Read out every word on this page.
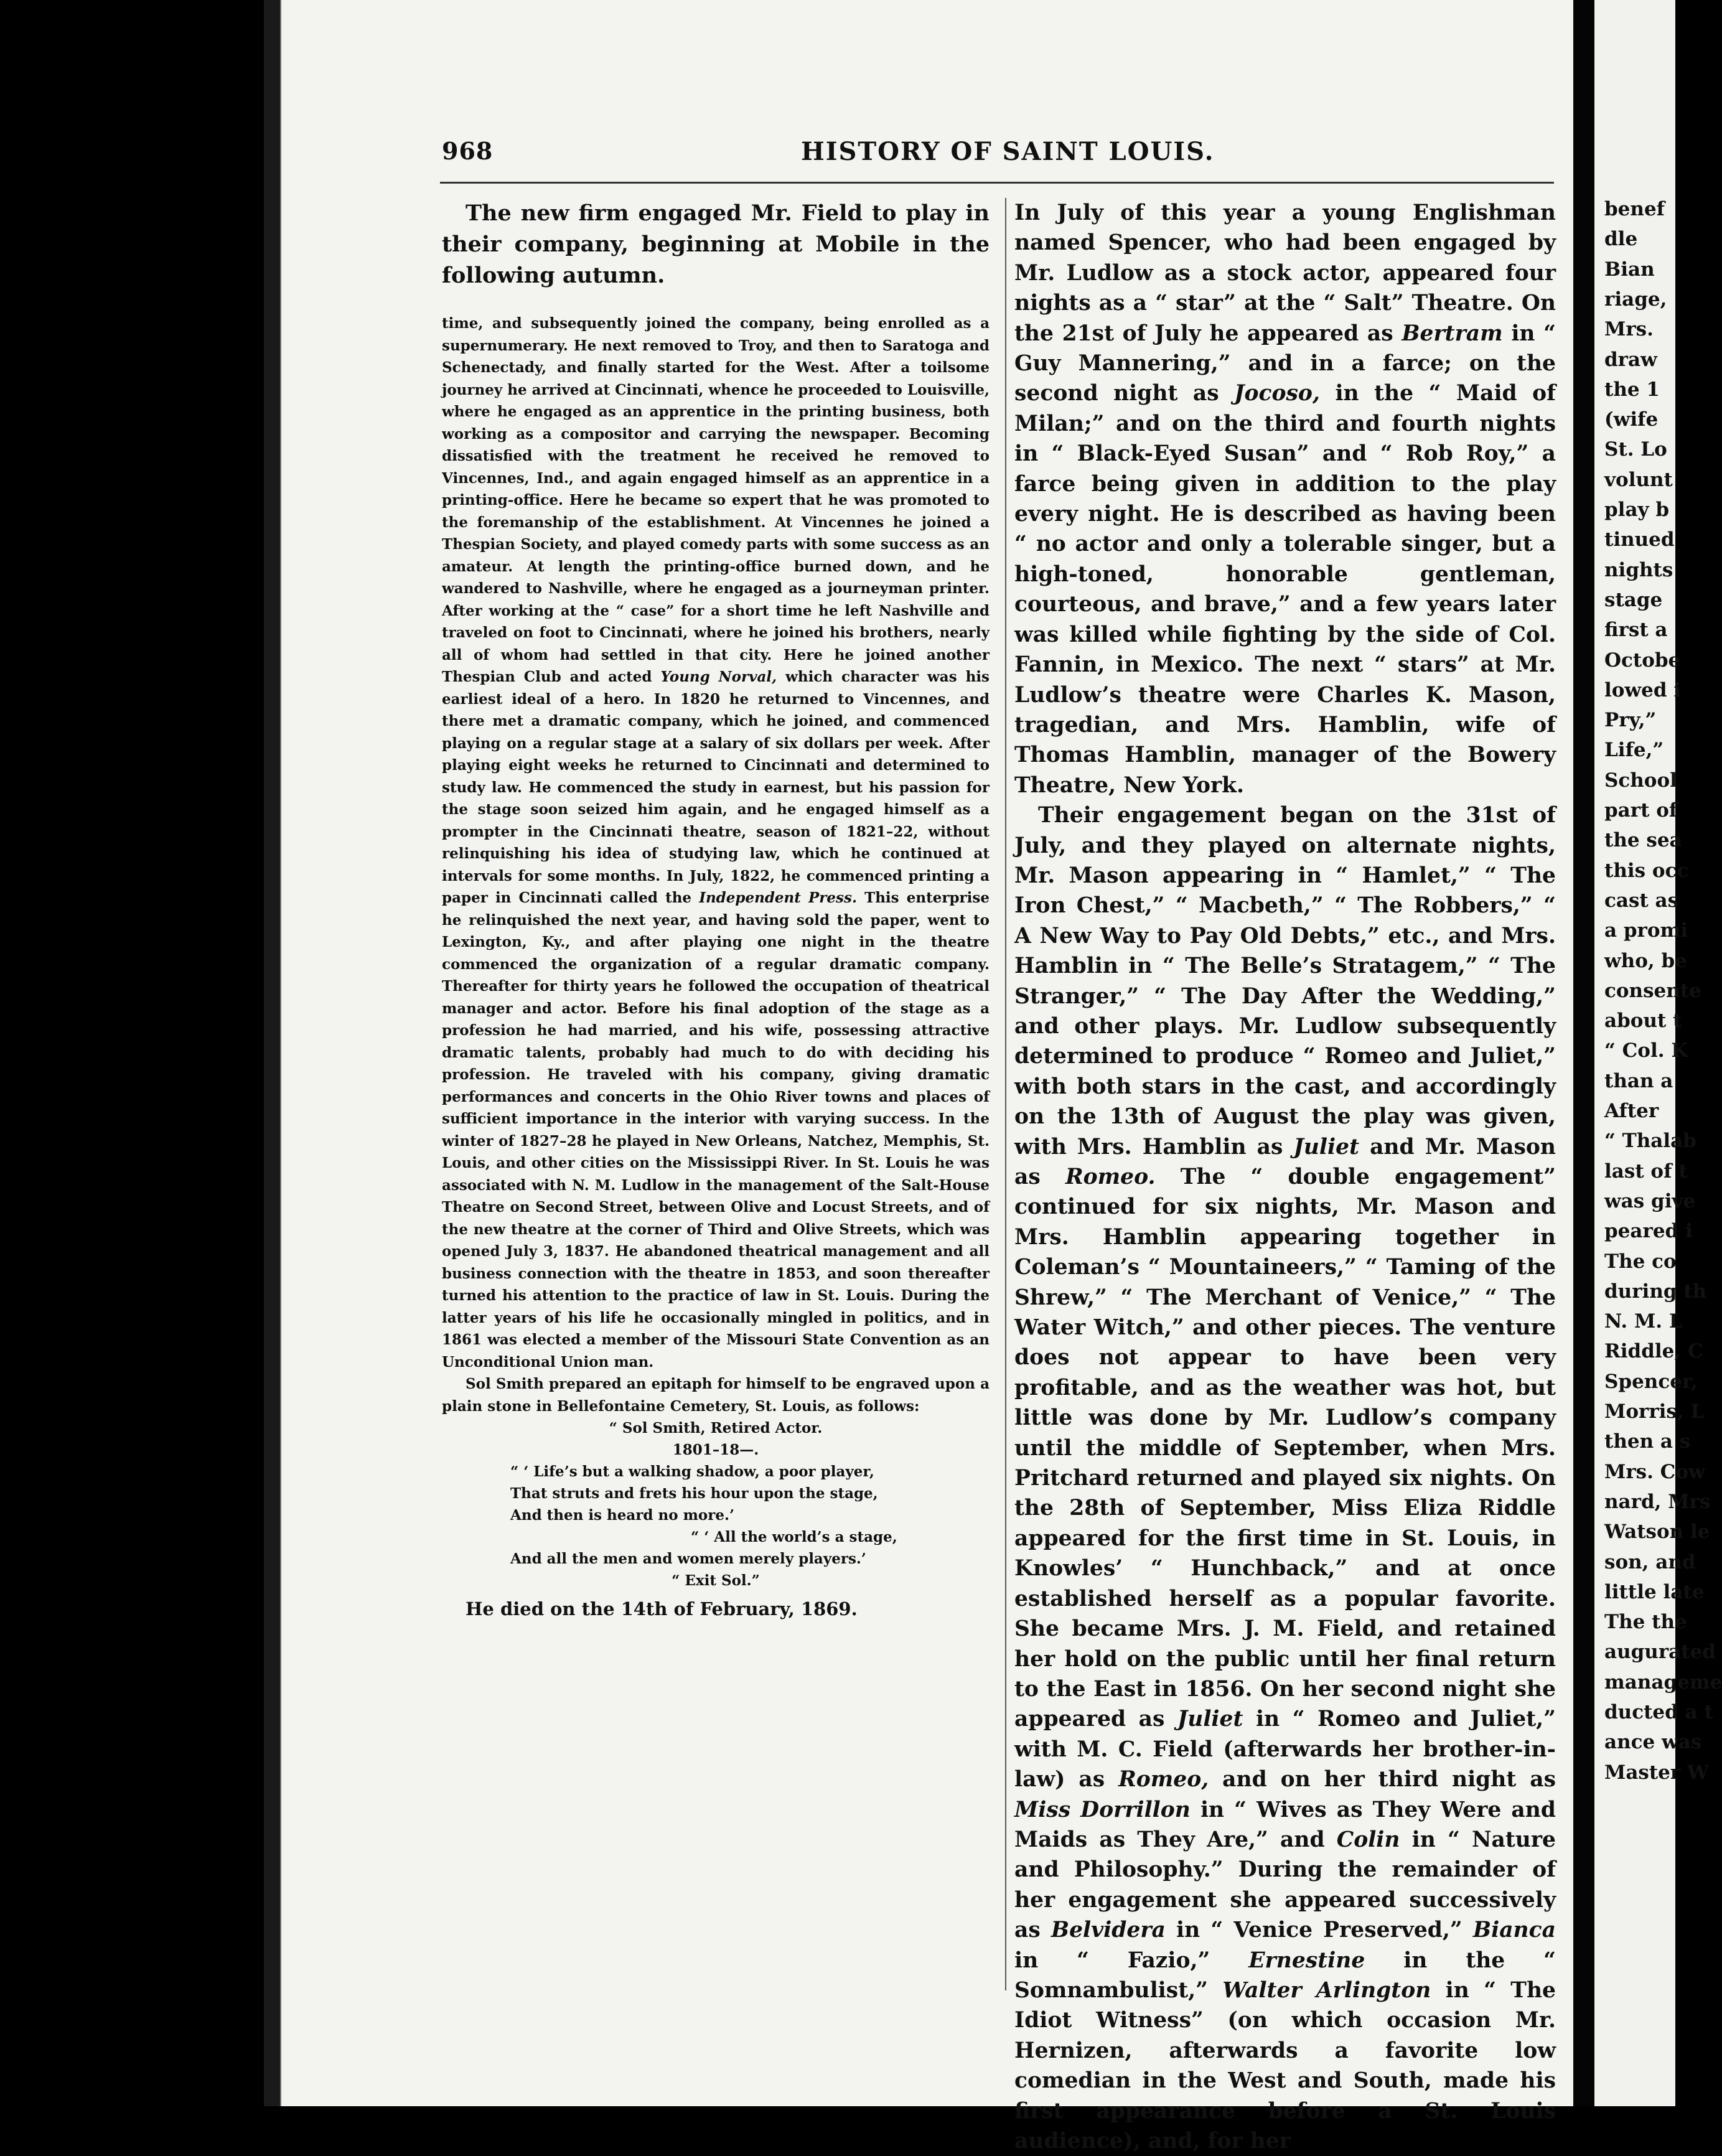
968	HISTORY OF SAINT LOUIS.

The new firm engaged Mr. Field to play in their company, beginning at Mobile in the following autumn.

time, and subsequently joined the company, being enrolled as a supernumerary. He next removed to Troy, and then to Saratoga and Schenectady, and finally started for the West. After a toilsome journey he arrived at Cincinnati, whence he proceeded to Louisville, where he engaged as an apprentice in the printing business, both working as a compositor and carrying the newspaper. Becoming dissatisfied with the treatment he received he removed to Vincennes, Ind., and again engaged himself as an apprentice in a printing-office. Here he became so expert that he was promoted to the foremanship of the establishment. At Vincennes he joined a Thespian Society, and played comedy parts with some success as an amateur. At length the printing-office burned down, and he wandered to Nashville, where he engaged as a journeyman printer. After working at the “ case” for a short time he left Nashville and traveled on foot to Cincinnati, where he joined his brothers, nearly all of whom had settled in that city. Here he joined another Thespian Club and acted Young Norval, which character was his earliest ideal of a hero. In 1820 he returned to Vincennes, and there met a dramatic company, which he joined, and commenced playing on a regular stage at a salary of six dollars per week. After playing eight weeks he returned to Cincinnati and determined to study law. He commenced the study in earnest, but his passion for the stage soon seized him again, and he engaged himself as a prompter in the Cincinnati theatre, season of 1821–22, without relinquishing his idea of studying law, which he continued at intervals for some months. In July, 1822, he commenced printing a paper in Cincinnati called the Independent Press. This enterprise he relinquished the next year, and having sold the paper, went to Lexington, Ky., and after playing one night in the theatre commenced the organization of a regular dramatic company. Thereafter for thirty years he followed the occupation of theatrical manager and actor. Before his final adoption of the stage as a profession he had married, and his wife, possessing attractive dramatic talents, probably had much to do with deciding his profession. He traveled with his company, giving dramatic performances and concerts in the Ohio River towns and places of sufficient importance in the interior with varying success. In the winter of 1827–28 he played in New Orleans, Natchez, Memphis, St. Louis, and other cities on the Mississippi River. In St. Louis he was associated with N. M. Ludlow in the management of the Salt-House Theatre on Second Street, between Olive and Locust Streets, and of the new theatre at the corner of Third and Olive Streets, which was opened July 3, 1837. He abandoned theatrical management and all business connection with the theatre in 1853, and soon thereafter turned his attention to the practice of law in St. Louis. During the latter years of his life he occasionally mingled in politics, and in 1861 was elected a member of the Missouri State Convention as an Unconditional Union man.

Sol Smith prepared an epitaph for himself to be engraved upon a plain stone in Bellefontaine Cemetery, St. Louis, as follows:

“ Sol Smith, Retired Actor.
1801–18—.
“ ‘ Life’s but a walking shadow, a poor player,
That struts and frets his hour upon the stage,
And then is heard no more.’
“ ‘ All the world’s a stage,
And all the men and women merely players.’
“ Exit Sol.”
He died on the 14th of February, 1869.

In July of this year a young Englishman named Spencer, who had been engaged by Mr. Ludlow as a stock actor, appeared four nights as a “ star” at the “ Salt” Theatre. On the 21st of July he appeared as Bertram in “ Guy Mannering,” and in a farce; on the second night as Jocoso, in the “ Maid of Milan;” and on the third and fourth nights in “ Black-Eyed Susan” and “ Rob Roy,” a farce being given in addition to the play every night. He is described as having been “ no actor and only a tolerable singer, but a high-toned, honorable gentleman, courteous, and brave,” and a few years later was killed while fighting by the side of Col. Fannin, in Mexico. The next “ stars” at Mr. Ludlow’s theatre were Charles K. Mason, tragedian, and Mrs. Hamblin, wife of Thomas Hamblin, manager of the Bowery Theatre, New York.

Their engagement began on the 31st of July, and they played on alternate nights, Mr. Mason appearing in “ Hamlet,” “ The Iron Chest,” “ Macbeth,” “ The Robbers,” “ A New Way to Pay Old Debts,” etc., and Mrs. Hamblin in “ The Belle’s Stratagem,” “ The Stranger,” “ The Day After the Wedding,” and other plays. Mr. Ludlow subsequently determined to produce “ Romeo and Juliet,” with both stars in the cast, and accordingly on the 13th of August the play was given, with Mrs. Hamblin as Juliet and Mr. Mason as Romeo. The “ double engagement” continued for six nights, Mr. Mason and Mrs. Hamblin appearing together in Coleman’s “ Mountaineers,” “ Taming of the Shrew,” “ The Merchant of Venice,” “ The Water Witch,” and other pieces. The venture does not appear to have been very profitable, and as the weather was hot, but little was done by Mr. Ludlow’s company until the middle of September, when Mrs. Pritchard returned and played six nights. On the 28th of September, Miss Eliza Riddle appeared for the first time in St. Louis, in Knowles’ “ Hunchback,” and at once established herself as a popular favorite. She became Mrs. J. M. Field, and retained her hold on the public until her final return to the East in 1856. On her second night she appeared as Juliet in “ Romeo and Juliet,” with M. C. Field (afterwards her brother-in-law) as Romeo, and on her third night as Miss Dorrillon in “ Wives as They Were and Maids as They Are,” and Colin in “ Nature and Philosophy.” During the remainder of her engagement she appeared successively as Belvidera in “ Venice Preserved,” Bianca in “ Fazio,” Ernestine in the “ Somnambulist,” Walter Arlington in “ The Idiot Witness” (on which occasion Mr. Hernizen, afterwards a favorite low comedian in the West and South, made his first appearance before a St. Louis audience), and, for her

benef
dle
Bian
riage,
Mrs.
draw
the 1
(wife
St. Lo
volunt
play b
tinued
nights
stage
first a
Octobe
lowed i
Pry,”
Life,”
School
part of
the sea
this occ
cast as
a promi
who, be
consente
about t
“ Col. K
than a
After
“ Thalab
last of t
was give
peared i
The co
during th
N. M. L
Riddle, C
Spencer,
Morris, L
then a s
Mrs. Cow
nard, Mrs
Watson le
son, and
little late
The the
augurated
manageme
ducted a t
ance was
Master W
